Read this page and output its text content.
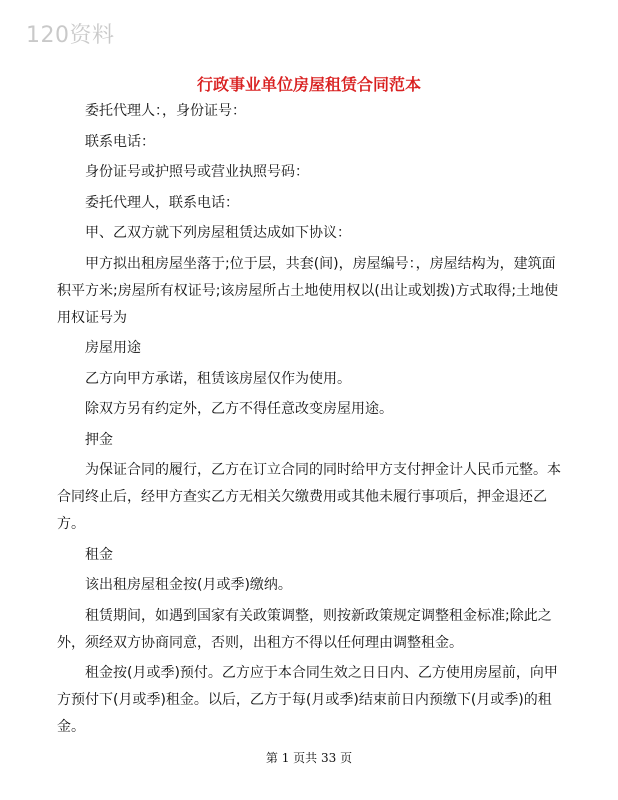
120资料
行政事业单位房屋租赁合同范本

委托代理人：，身份证号：

联系电话：

身份证号或护照号或营业执照号码：

委托代理人，联系电话：

甲、乙双方就下列房屋租赁达成如下协议：

甲方拟出租房屋坐落于;位于层，共套(间)，房屋编号：，房屋结构为，建筑面积平方米;房屋所有权证号;该房屋所占土地使用权以(出让或划拨)方式取得;土地使用权证号为

房屋用途

乙方向甲方承诺，租赁该房屋仅作为使用。

除双方另有约定外，乙方不得任意改变房屋用途。

押金

为保证合同的履行，乙方在订立合同的同时给甲方支付押金计人民币元整。本合同终止后，经甲方查实乙方无相关欠缴费用或其他未履行事项后，押金退还乙方。

租金

该出租房屋租金按(月或季)缴纳。

租赁期间，如遇到国家有关政策调整，则按新政策规定调整租金标准;除此之外，须经双方协商同意，否则，出租方不得以任何理由调整租金。

租金按(月或季)预付。乙方应于本合同生效之日日内、乙方使用房屋前，向甲方预付下(月或季)租金。以后，乙方于每(月或季)结束前日内预缴下(月或季)的租金。

第 1 页共 33 页
